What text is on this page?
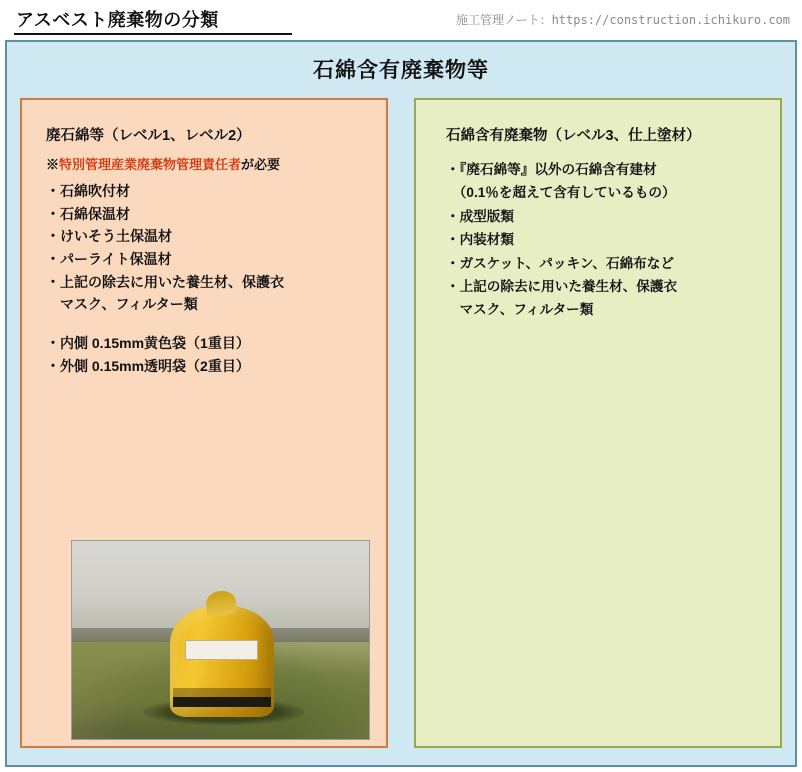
アスベスト廃棄物の分類	施工管理ノート：https://construction.ichikuro.com
石綿含有廃棄物等
廃石綿等（レベル1、レベル2）
※特別管理産業廃棄物管理責任者が必要
・石綿吹付材
・石綿保温材
・けいそう土保温材
・パーライト保温材
・上記の除去に用いた養生材、保護衣
　マスク、フィルター類
・内側 0.15mm黄色袋（1重目）
・外側 0.15mm透明袋（2重目）
石綿含有廃棄物（レベル3、仕上塗材）
・『廃石綿等』以外の石綿含有建材
　（0.1％を超えて含有しているもの）
・成型版類
・内装材類
・ガスケット、パッキン、石綿布など
・上記の除去に用いた養生材、保護衣
　マスク、フィルター類
